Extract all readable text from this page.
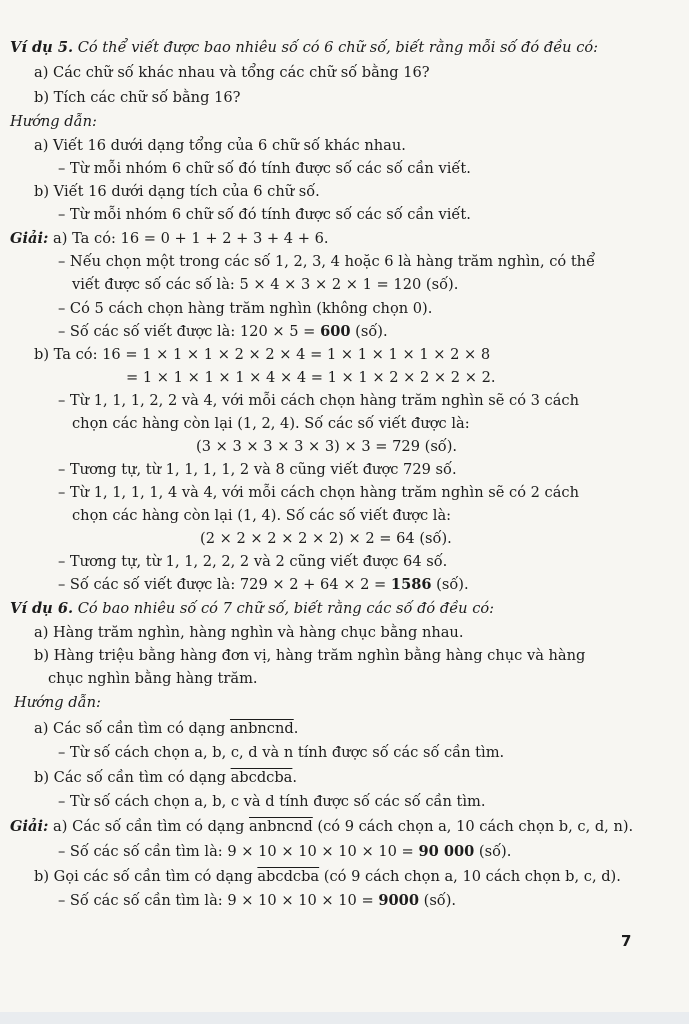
Ví dụ 5. Có thể viết được bao nhiêu số có 6 chữ số, biết rằng mỗi số đó đều có:
a) Các chữ số khác nhau và tổng các chữ số bằng 16?
b) Tích các chữ số bằng 16?
Hướng dẫn:
a) Viết 16 dưới dạng tổng của 6 chữ số khác nhau.
– Từ mỗi nhóm 6 chữ số đó tính được số các số cần viết.
b) Viết 16 dưới dạng tích của 6 chữ số.
– Từ mỗi nhóm 6 chữ số đó tính được số các số cần viết.
Giải: a) Ta có: 16 = 0 + 1 + 2 + 3 + 4 + 6.
– Nếu chọn một trong các số 1, 2, 3, 4 hoặc 6 là hàng trăm nghìn, có thể
viết được số các số là: 5 × 4 × 3 × 2 × 1 = 120 (số).
– Có 5 cách chọn hàng trăm nghìn (không chọn 0).
– Số các số viết được là: 120 × 5 = 600 (số).
b) Ta có: 16 = 1 × 1 × 1 × 2 × 2 × 4 = 1 × 1 × 1 × 1 × 2 × 8
= 1 × 1 × 1 × 1 × 4 × 4 = 1 × 1 × 2 × 2 × 2 × 2.
– Từ 1, 1, 1, 2, 2 và 4, với mỗi cách chọn hàng trăm nghìn sẽ có 3 cách
chọn các hàng còn lại (1, 2, 4). Số các số viết được là:
(3 × 3 × 3 × 3 × 3) × 3 = 729 (số).
– Tương tự, từ 1, 1, 1, 1, 2 và 8 cũng viết được 729 số.
– Từ 1, 1, 1, 1, 4 và 4, với mỗi cách chọn hàng trăm nghìn sẽ có 2 cách
chọn các hàng còn lại (1, 4). Số các số viết được là:
(2 × 2 × 2 × 2 × 2) × 2 = 64 (số).
– Tương tự, từ 1, 1, 2, 2, 2 và 2 cũng viết được 64 số.
– Số các số viết được là: 729 × 2 + 64 × 2 = 1586 (số).
Ví dụ 6. Có bao nhiêu số có 7 chữ số, biết rằng các số đó đều có:
a) Hàng trăm nghìn, hàng nghìn và hàng chục bằng nhau.
b) Hàng triệu bằng hàng đơn vị, hàng trăm nghìn bằng hàng chục và hàng
chục nghìn bằng hàng trăm.
Hướng dẫn:
a) Các số cần tìm có dạng anbncnd.
– Từ số cách chọn a, b, c, d và n tính được số các số cần tìm.
b) Các số cần tìm có dạng abcdcba.
– Từ số cách chọn a, b, c và d tính được số các số cần tìm.
Giải: a) Các số cần tìm có dạng anbncnd (có 9 cách chọn a, 10 cách chọn b, c, d, n).
– Số các số cần tìm là: 9 × 10 × 10 × 10 × 10 = 90 000 (số).
b) Gọi các số cần tìm có dạng abcdcba (có 9 cách chọn a, 10 cách chọn b, c, d).
– Số các số cần tìm là: 9 × 10 × 10 × 10 = 9000 (số).
7
